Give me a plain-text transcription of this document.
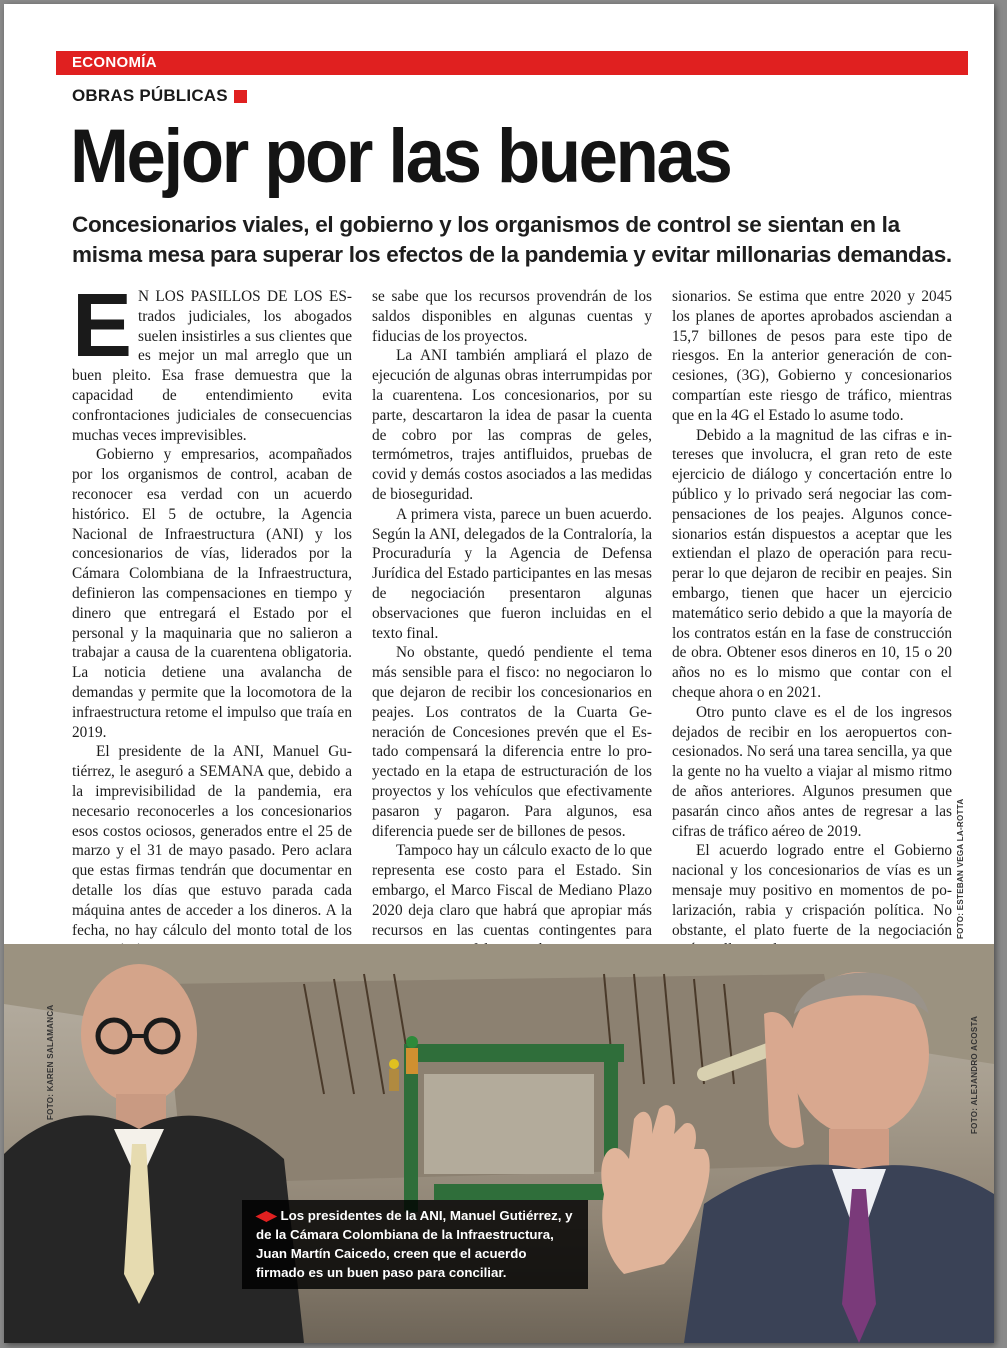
ECONOMÍA
OBRAS PÚBLICAS
Mejor por las buenas
Concesionarios viales, el gobierno y los organismos de control se sientan en la misma mesa para superar los efectos de la pandemia y evitar millonarias demandas.

E N LOS PASILLOS DE LOS EStrados judiciales, los abogados suelen insistirles a sus clientes que es mejor un mal arreglo que un buen pleito. Esa frase demuestra que la capacidad de entendimiento evita confrontaciones judiciales de consecuencias muchas veces imprevisibles.

Gobierno y empresarios, acompañados por los organismos de control, acaban de reconocer esa verdad con un acuerdo histórico. El 5 de octubre, la Agencia Nacional de Infraestructura (ANI) y los concesionarios de vías, liderados por la Cámara Colombiana de la Infraestructura, definieron las compensaciones en tiempo y dinero que entregará el Estado por el personal y la maquinaria que no salieron a trabajar a causa de la cuarentena obligatoria. La noticia detiene una avalancha de demandas y permite que la locomotora de la infraestructura retome el impulso que traía en 2019.

El presidente de la ANI, Manuel Gutiérrez, le aseguró a SEMANA que, debido a la imprevisibilidad de la pandemia, era necesario reconocerles a los concesionarios esos costos ociosos, generados entre el 25 de marzo y el 31 de mayo pasado. Pero aclara que estas firmas tendrán que documentar en detalle los días que estuvo parada cada máquina antes de acceder a los dineros. A la fecha, no hay cálculo del monto total de los

se sabe que los recursos provendrán de los saldos disponibles en algunas cuentas y fiducias de los proyectos.

La ANI también ampliará el plazo de ejecución de algunas obras interrumpidas por la cuarentena. Los concesionarios, por su parte, descartaron la idea de pasar la cuenta de cobro por las compras de geles, termómetros, trajes antifluidos, pruebas de covid y demás costos asociados a las medidas de bioseguridad.

A primera vista, parece un buen acuerdo. Según la ANI, delegados de la Contraloría, la Procuraduría y la Agencia de Defensa Jurídica del Estado participantes en las mesas de negociación presentaron algunas observaciones que fueron incluidas en el texto final.

No obstante, quedó pendiente el tema más sensible para el fisco: no negociaron lo que dejaron de recibir los concesionarios en peajes. Los contratos de la Cuarta Generación de Concesiones prevén que el Estado compensará la diferencia entre lo proyectado en la etapa de estructuración de los proyectos y los vehículos que efectivamente pasaron y pagaron. Para algunos, esa diferencia puede ser de billones de pesos.

Tampoco hay un cálculo exacto de lo que representa ese costo para el Estado. Sin embargo, el Marco Fiscal de Mediano Plazo 2020 deja claro que habrá que apropiar más recursos en las cuentas contingentes para

sionarios. Se estima que entre 2020 y 2045 los planes de aportes aprobados asciendan a 15,7 billones de pesos para este tipo de riesgos. En la anterior generación de concesiones, (3G), Gobierno y concesionarios compartían este riesgo de tráfico, mientras que en la 4G el Estado lo asume todo.

Debido a la magnitud de las cifras e intereses que involucra, el gran reto de este ejercicio de diálogo y concertación entre lo público y lo privado será negociar las compensaciones de los peajes. Algunos concesionarios están dispuestos a aceptar que les extiendan el plazo de operación para recuperar lo que dejaron de recibir en peajes. Sin embargo, tienen que hacer un ejercicio matemático serio debido a que la mayoría de los contratos están en la fase de construcción de obra. Obtener esos dineros en 10, 15 o 20 años no es lo mismo que contar con el cheque ahora o en 2021.

Otro punto clave es el de los ingresos dejados de recibir en los aeropuertos concesionados. No será una tarea sencilla, ya que la gente no ha vuelto a viajar al mismo ritmo de años anteriores. Algunos presumen que pasarán cinco años antes de regresar a las cifras de tráfico aéreo de 2019.

El acuerdo logrado entre el Gobierno nacional y los concesionarios de vías es un mensaje muy positivo en momentos de polarización, rabia y crispación política. No obstante, el plato fuerte de la negociación FOTO: ESTEBAN VEGA LA-ROTTA
FOTO: KAREN SALAMANCA	FOTO: ALEJANDRO ACOSTA
◀▶ Los presidentes de la ANI, Manuel Gutiérrez, y de la Cámara Colombiana de la Infraestructura, Juan Martín Caicedo, creen que el acuerdo firmado es un buen paso para conciliar.
